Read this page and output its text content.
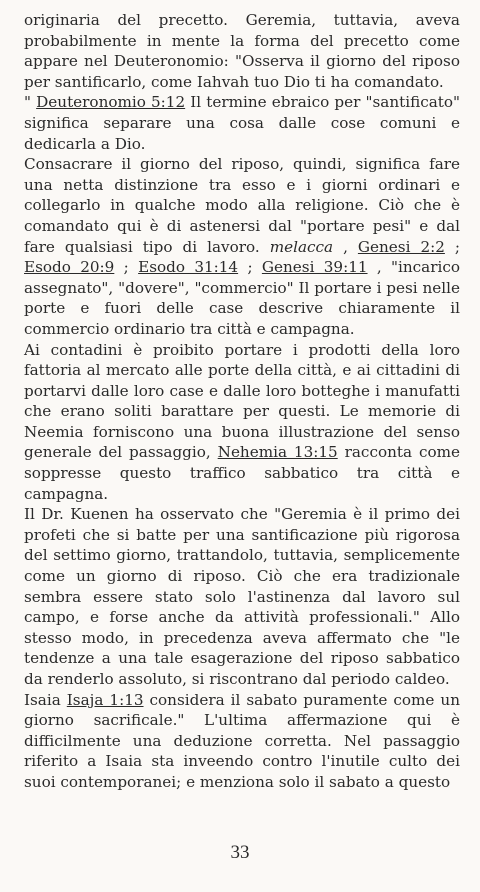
originaria del precetto. Geremia, tuttavia, aveva probabilmente in mente la forma del precetto come appare nel Deuteronomio: "Osserva il giorno del riposo per santificarlo, come Iahvah tuo Dio ti ha comandato.
" Deuteronomio 5:12 Il termine ebraico per "santificato" significa separare una cosa dalle cose comuni e dedicarla a Dio.

Consacrare il giorno del riposo, quindi, significa fare una netta distinzione tra esso e i giorni ordinari e collegarlo in qualche modo alla religione. Ciò che è comandato qui è di astenersi dal "portare pesi" e dal fare qualsiasi tipo di lavoro. melacca , Genesi 2:2 ; Esodo 20:9 ; Esodo 31:14 ; Genesi 39:11 , "incarico assegnato", "dovere", "commercio" Il portare i pesi nelle porte e fuori delle case descrive chiaramente il commercio ordinario tra città e campagna.

Ai contadini è proibito portare i prodotti della loro fattoria al mercato alle porte della città, e ai cittadini di portarvi dalle loro case e dalle loro botteghe i manufatti che erano soliti barattare per questi. Le memorie di Neemia forniscono una buona illustrazione del senso generale del passaggio, Nehemia 13:15 racconta come soppresse questo traffico sabbatico tra città e campagna.

Il Dr. Kuenen ha osservato che "Geremia è il primo dei profeti che si batte per una santificazione più rigorosa del settimo giorno, trattandolo, tuttavia, semplicemente come un giorno di riposo. Ciò che era tradizionale sembra essere stato solo l'astinenza dal lavoro sul campo, e forse anche da attività professionali." Allo stesso modo, in precedenza aveva affermato che "le tendenze a una tale esagerazione del riposo sabbatico da renderlo assoluto, si riscontrano dal periodo caldeo.

Isaia Isaja 1:13 considera il sabato puramente come un giorno sacrificale." L'ultima affermazione qui è difficilmente una deduzione corretta. Nel passaggio riferito a Isaia sta inveendo contro l'inutile culto dei suoi contemporanei; e menziona solo il sabato a questo

33
